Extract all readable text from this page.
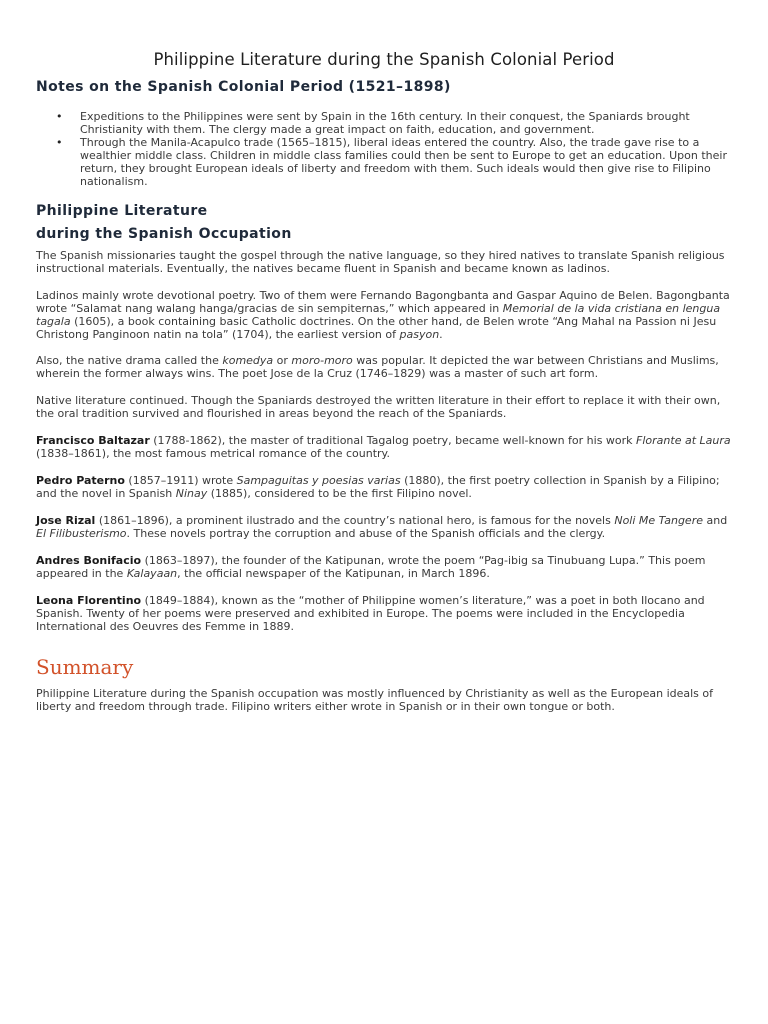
Philippine Literature during the Spanish Colonial Period
Notes on the Spanish Colonial Period (1521–1898)
• Expeditions to the Philippines were sent by Spain in the 16th century. In their conquest, the Spaniards brought Christianity with them. The clergy made a great impact on faith, education, and government.
• Through the Manila-Acapulco trade (1565–1815), liberal ideas entered the country. Also, the trade gave rise to a wealthier middle class. Children in middle class families could then be sent to Europe to get an education. Upon their return, they brought European ideals of liberty and freedom with them. Such ideals would then give rise to Filipino nationalism.
Philippine Literature
during the Spanish Occupation

The Spanish missionaries taught the gospel through the native language, so they hired natives to translate Spanish religious instructional materials. Eventually, the natives became fluent in Spanish and became known as ladinos.

Ladinos mainly wrote devotional poetry. Two of them were Fernando Bagongbanta and Gaspar Aquino de Belen. Bagongbanta wrote “Salamat nang walang hanga/gracias de sin sempiternas,” which appeared in Memorial de la vida cristiana en lengua tagala (1605), a book containing basic Catholic doctrines. On the other hand, de Belen wrote “Ang Mahal na Passion ni Jesu Christong Panginoon natin na tola” (1704), the earliest version of pasyon.

Also, the native drama called the komedya or moro-moro was popular. It depicted the war between Christians and Muslims, wherein the former always wins. The poet Jose de la Cruz (1746–1829) was a master of such art form.

Native literature continued. Though the Spaniards destroyed the written literature in their effort to replace it with their own, the oral tradition survived and flourished in areas beyond the reach of the Spaniards.

Francisco Baltazar (1788-1862), the master of traditional Tagalog poetry, became well-known for his work Florante at Laura (1838–1861), the most famous metrical romance of the country.

Pedro Paterno (1857–1911) wrote Sampaguitas y poesias varias (1880), the first poetry collection in Spanish by a Filipino; and the novel in Spanish Ninay (1885), considered to be the first Filipino novel.

Jose Rizal (1861–1896), a prominent ilustrado and the country’s national hero, is famous for the novels Noli Me Tangere and El Filibusterismo. These novels portray the corruption and abuse of the Spanish officials and the clergy.

Andres Bonifacio (1863–1897), the founder of the Katipunan, wrote the poem “Pag-ibig sa Tinubuang Lupa.” This poem appeared in the Kalayaan, the official newspaper of the Katipunan, in March 1896.

Leona Florentino (1849–1884), known as the “mother of Philippine women’s literature,” was a poet in both Ilocano and Spanish. Twenty of her poems were preserved and exhibited in Europe. The poems were included in the Encyclopedia International des Oeuvres des Femme in 1889.

Summary

Philippine Literature during the Spanish occupation was mostly influenced by Christianity as well as the European ideals of liberty and freedom through trade. Filipino writers either wrote in Spanish or in their own tongue or both.
